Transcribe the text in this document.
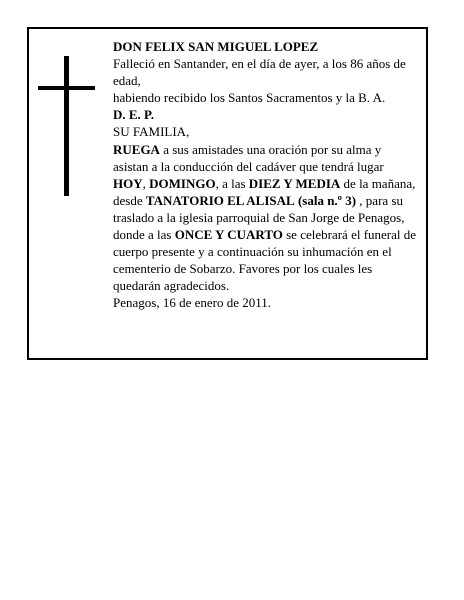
DON FELIX SAN MIGUEL LOPEZ

Falleció en Santander, en el día de ayer, a los 86 años de edad,

habiendo recibido los Santos Sacramentos y la B. A.

D. E. P.

SU FAMILIA,

RUEGA a sus amistades una oración por su alma y asistan a la conducción del cadáver que tendrá lugar HOY, DOMINGO, a las DIEZ Y MEDIA de la mañana, desde TANATORIO EL ALISAL (sala n.º 3) , para su traslado a la iglesia parroquial de San Jorge de Penagos, donde a las ONCE Y CUARTO se celebrará el funeral de cuerpo presente y a continuación su inhumación en el cementerio de Sobarzo. Favores por los cuales les quedarán agradecidos.

Penagos, 16 de enero de 2011.
